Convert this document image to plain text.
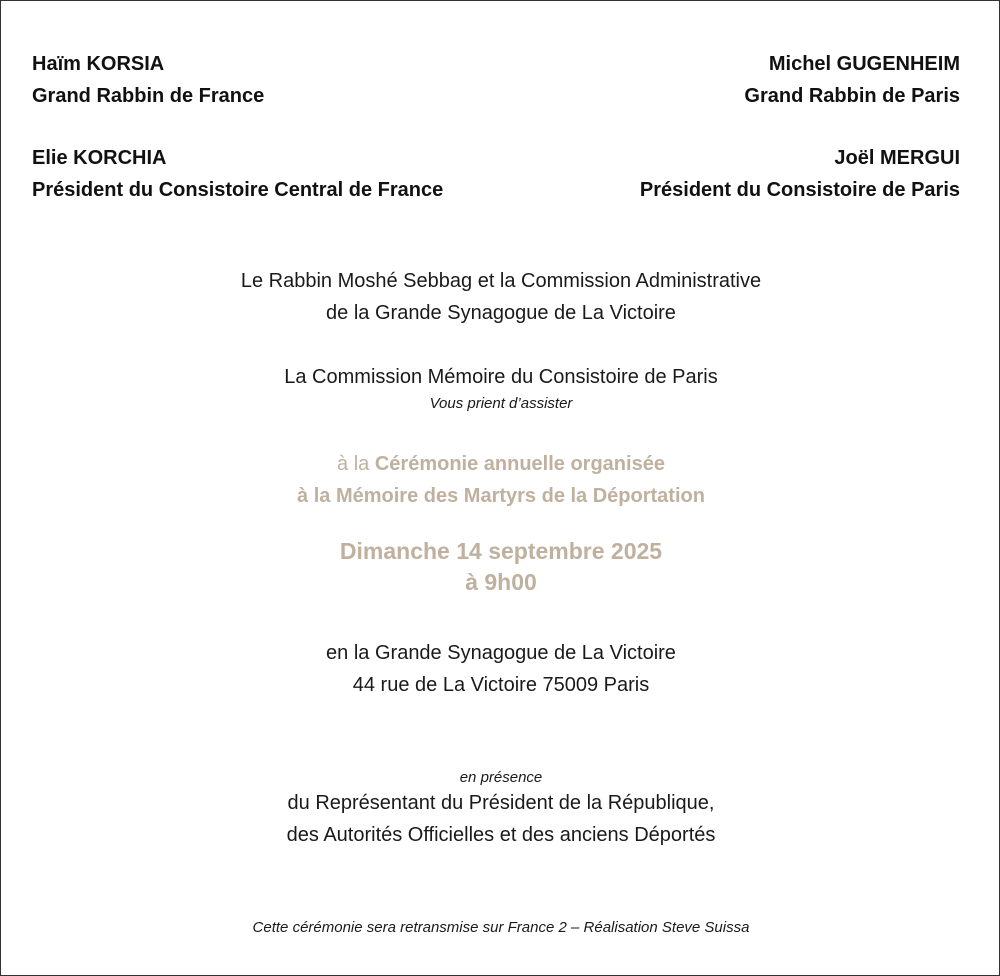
Haïm KORSIA
Grand Rabbin de France
Michel GUGENHEIM
Grand Rabbin de Paris
Elie KORCHIA
Président du Consistoire Central de France
Joël MERGUI
Président du Consistoire de Paris
Le Rabbin Moshé Sebbag et la Commission Administrative
de la Grande Synagogue de La Victoire
La Commission Mémoire du Consistoire de Paris
Vous prient d’assister
à la Cérémonie annuelle organisée
à la Mémoire des Martyrs de la Déportation
Dimanche 14 septembre 2025
à 9h00
en la Grande Synagogue de La Victoire
44 rue de La Victoire 75009 Paris
en présence
du Représentant du Président de la République,
des Autorités Officielles et des anciens Déportés
Cette cérémonie sera retransmise sur France 2 – Réalisation Steve Suissa
